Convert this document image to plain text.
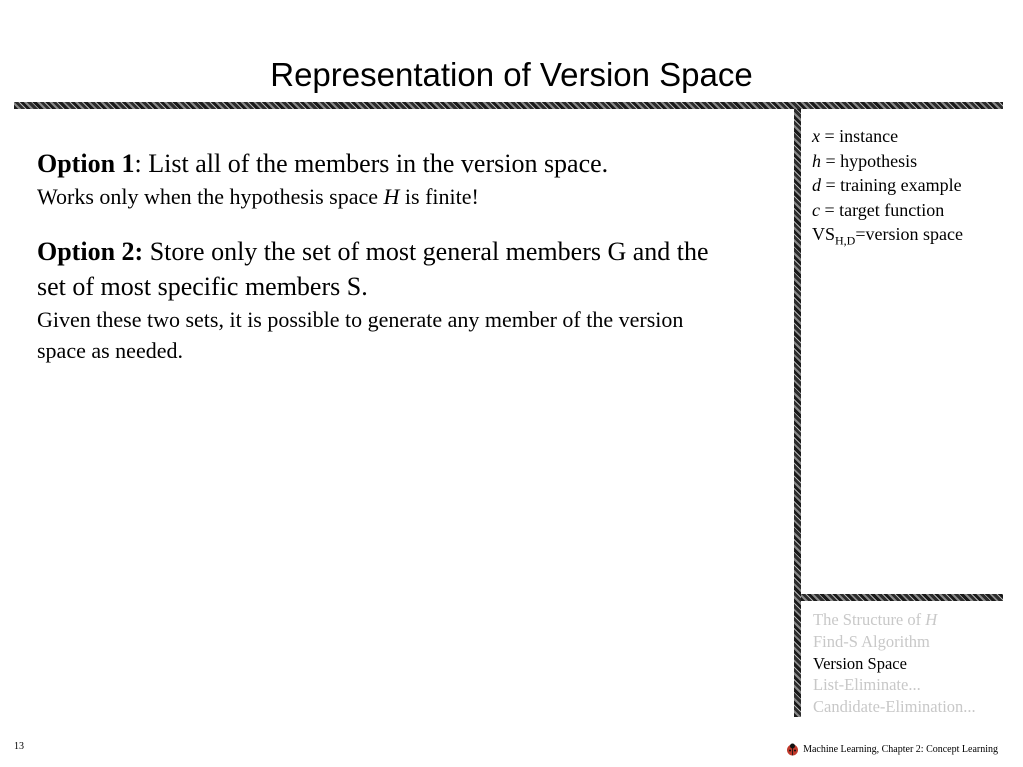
Representation of Version Space
Option 1: List all of the members in the version space.
Works only when the hypothesis space H is finite!
Option 2: Store only the set of most general members G and the set of most specific members S.
Given these two sets, it is possible to generate any member of the version space as needed.
x = instance
h = hypothesis
d = training example
c = target function
$VS_{H,D}=version$ space
The Structure of H
Find-S Algorithm
Version Space
List-Eliminate...
Candidate-Elimination...
13	Machine Learning, Chapter 2: Concept Learning
